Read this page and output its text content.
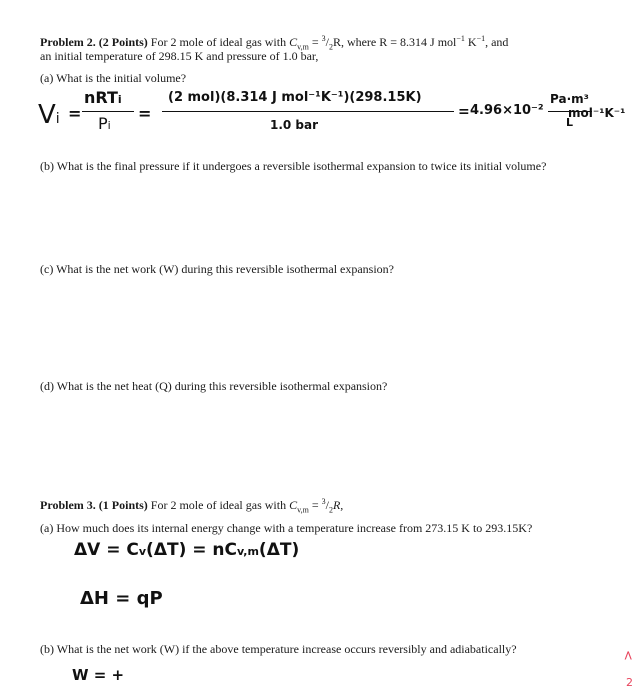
Problem 2. (2 Points) For 2 mole of ideal gas with $C_{v,m} = ^3/_2R$, where R = 8.314 J mol$^{-1}$ $K^{-1}$, and
an initial temperature of 298.15 K and pressure of 1.0 bar,
(a) What is the initial volume?
Vi =
nRTi
Pi
=
(2 mol)(8.314 J mol⁻¹K⁻¹)(298.15K)
1.0 bar
= 4.96×10⁻²
Pa·m³
L
mol⁻¹K⁻¹
(b) What is the final pressure if it undergoes a reversible isothermal expansion to twice its initial volume?
(c) What is the net work (W) during this reversible isothermal expansion?
(d) What is the net heat (Q) during this reversible isothermal expansion?
Problem 3. (1 Points) For 2 mole of ideal gas with $C_{v,m} = ^3/_2R$,
(a) How much does its internal energy change with a temperature increase from 273.15 K to 293.15K?
ΔV = Cv(ΔT) = nCv,m(ΔT)
ΔH = qP
(b) What is the net work (W) if the above temperature increase occurs reversibly and adiabatically?
W = +
<
2
